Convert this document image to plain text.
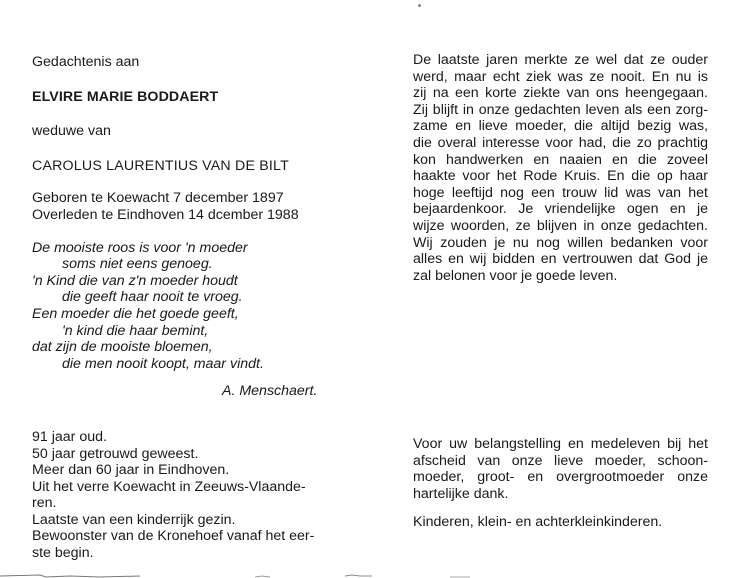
Gedachtenis aan
ELVIRE MARIE BODDAERT
weduwe van
CAROLUS LAURENTIUS VAN DE BILT
Geboren te Koewacht 7 december 1897
Overleden te Eindhoven 14 dcember 1988
De mooiste roos is voor 'n moeder
soms niet eens genoeg.
'n Kind die van z'n moeder houdt
die geeft haar nooit te vroeg.
Een moeder die het goede geeft,
'n kind die haar bemint,
dat zijn de mooiste bloemen,
die men nooit koopt, maar vindt.
A. Menschaert.
91 jaar oud.
50 jaar getrouwd geweest.
Meer dan 60 jaar in Eindhoven.
Uit het verre Koewacht in Zeeuws-Vlaande-
ren.
Laatste van een kinderrijk gezin.
Bewoonster van de Kronehoef vanaf het eer-
ste begin.
De laatste jaren merkte ze wel dat ze ouder
werd, maar echt ziek was ze nooit. En nu is
zij na een korte ziekte van ons heengegaan.
Zij blijft in onze gedachten leven als een zorg-
zame en lieve moeder, die altijd bezig was,
die overal interesse voor had, die zo prachtig
kon handwerken en naaien en die zoveel
haakte voor het Rode Kruis. En die op haar
hoge leeftijd nog een trouw lid was van het
bejaardenkoor. Je vriendelijke ogen en je
wijze woorden, ze blijven in onze gedachten.
Wij zouden je nu nog willen bedanken voor
alles en wij bidden en vertrouwen dat God je
zal belonen voor je goede leven.
Voor uw belangstelling en medeleven bij het
afscheid van onze lieve moeder, schoon-
moeder, groot- en overgrootmoeder onze
hartelijke dank.
Kinderen, klein- en achterkleinkinderen.
